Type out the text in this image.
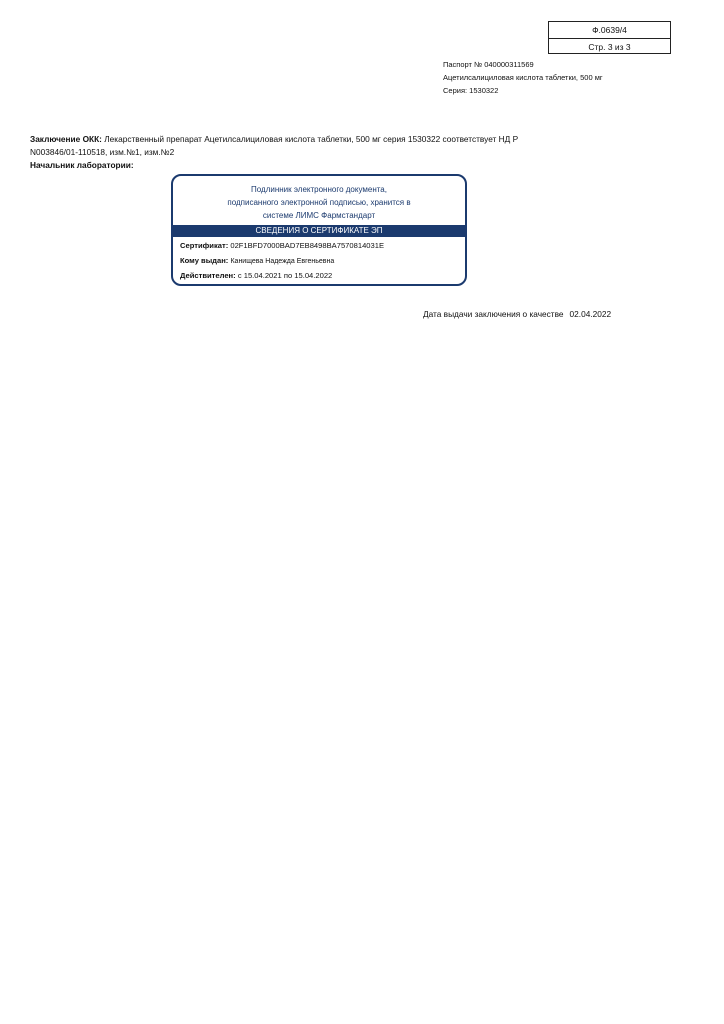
Ф.0639/4
Стр. 3 из 3
Паспорт № 040000311569
Ацетилсалициловая кислота таблетки, 500 мг
Серия: 1530322
Заключение ОКК: Лекарственный препарат Ацетилсалициловая кислота таблетки, 500 мг серия 1530322 соответствует НД Р
N003846/01-110518, изм.№1, изм.№2
Начальник лаборатории:
Подлинник электронного документа,
подписанного электронной подписью, хранится в
системе ЛИМС Фармстандарт
СВЕДЕНИЯ О СЕРТИФИКАТЕ ЭП
Сертификат: 02F1BFD7000BAD7EB8498BA7570814031E
Кому выдан: Канищева Надежда Евгеньевна
Действителен: с 15.04.2021 по 15.04.2022
Дата выдачи заключения о качестве 02.04.2022
